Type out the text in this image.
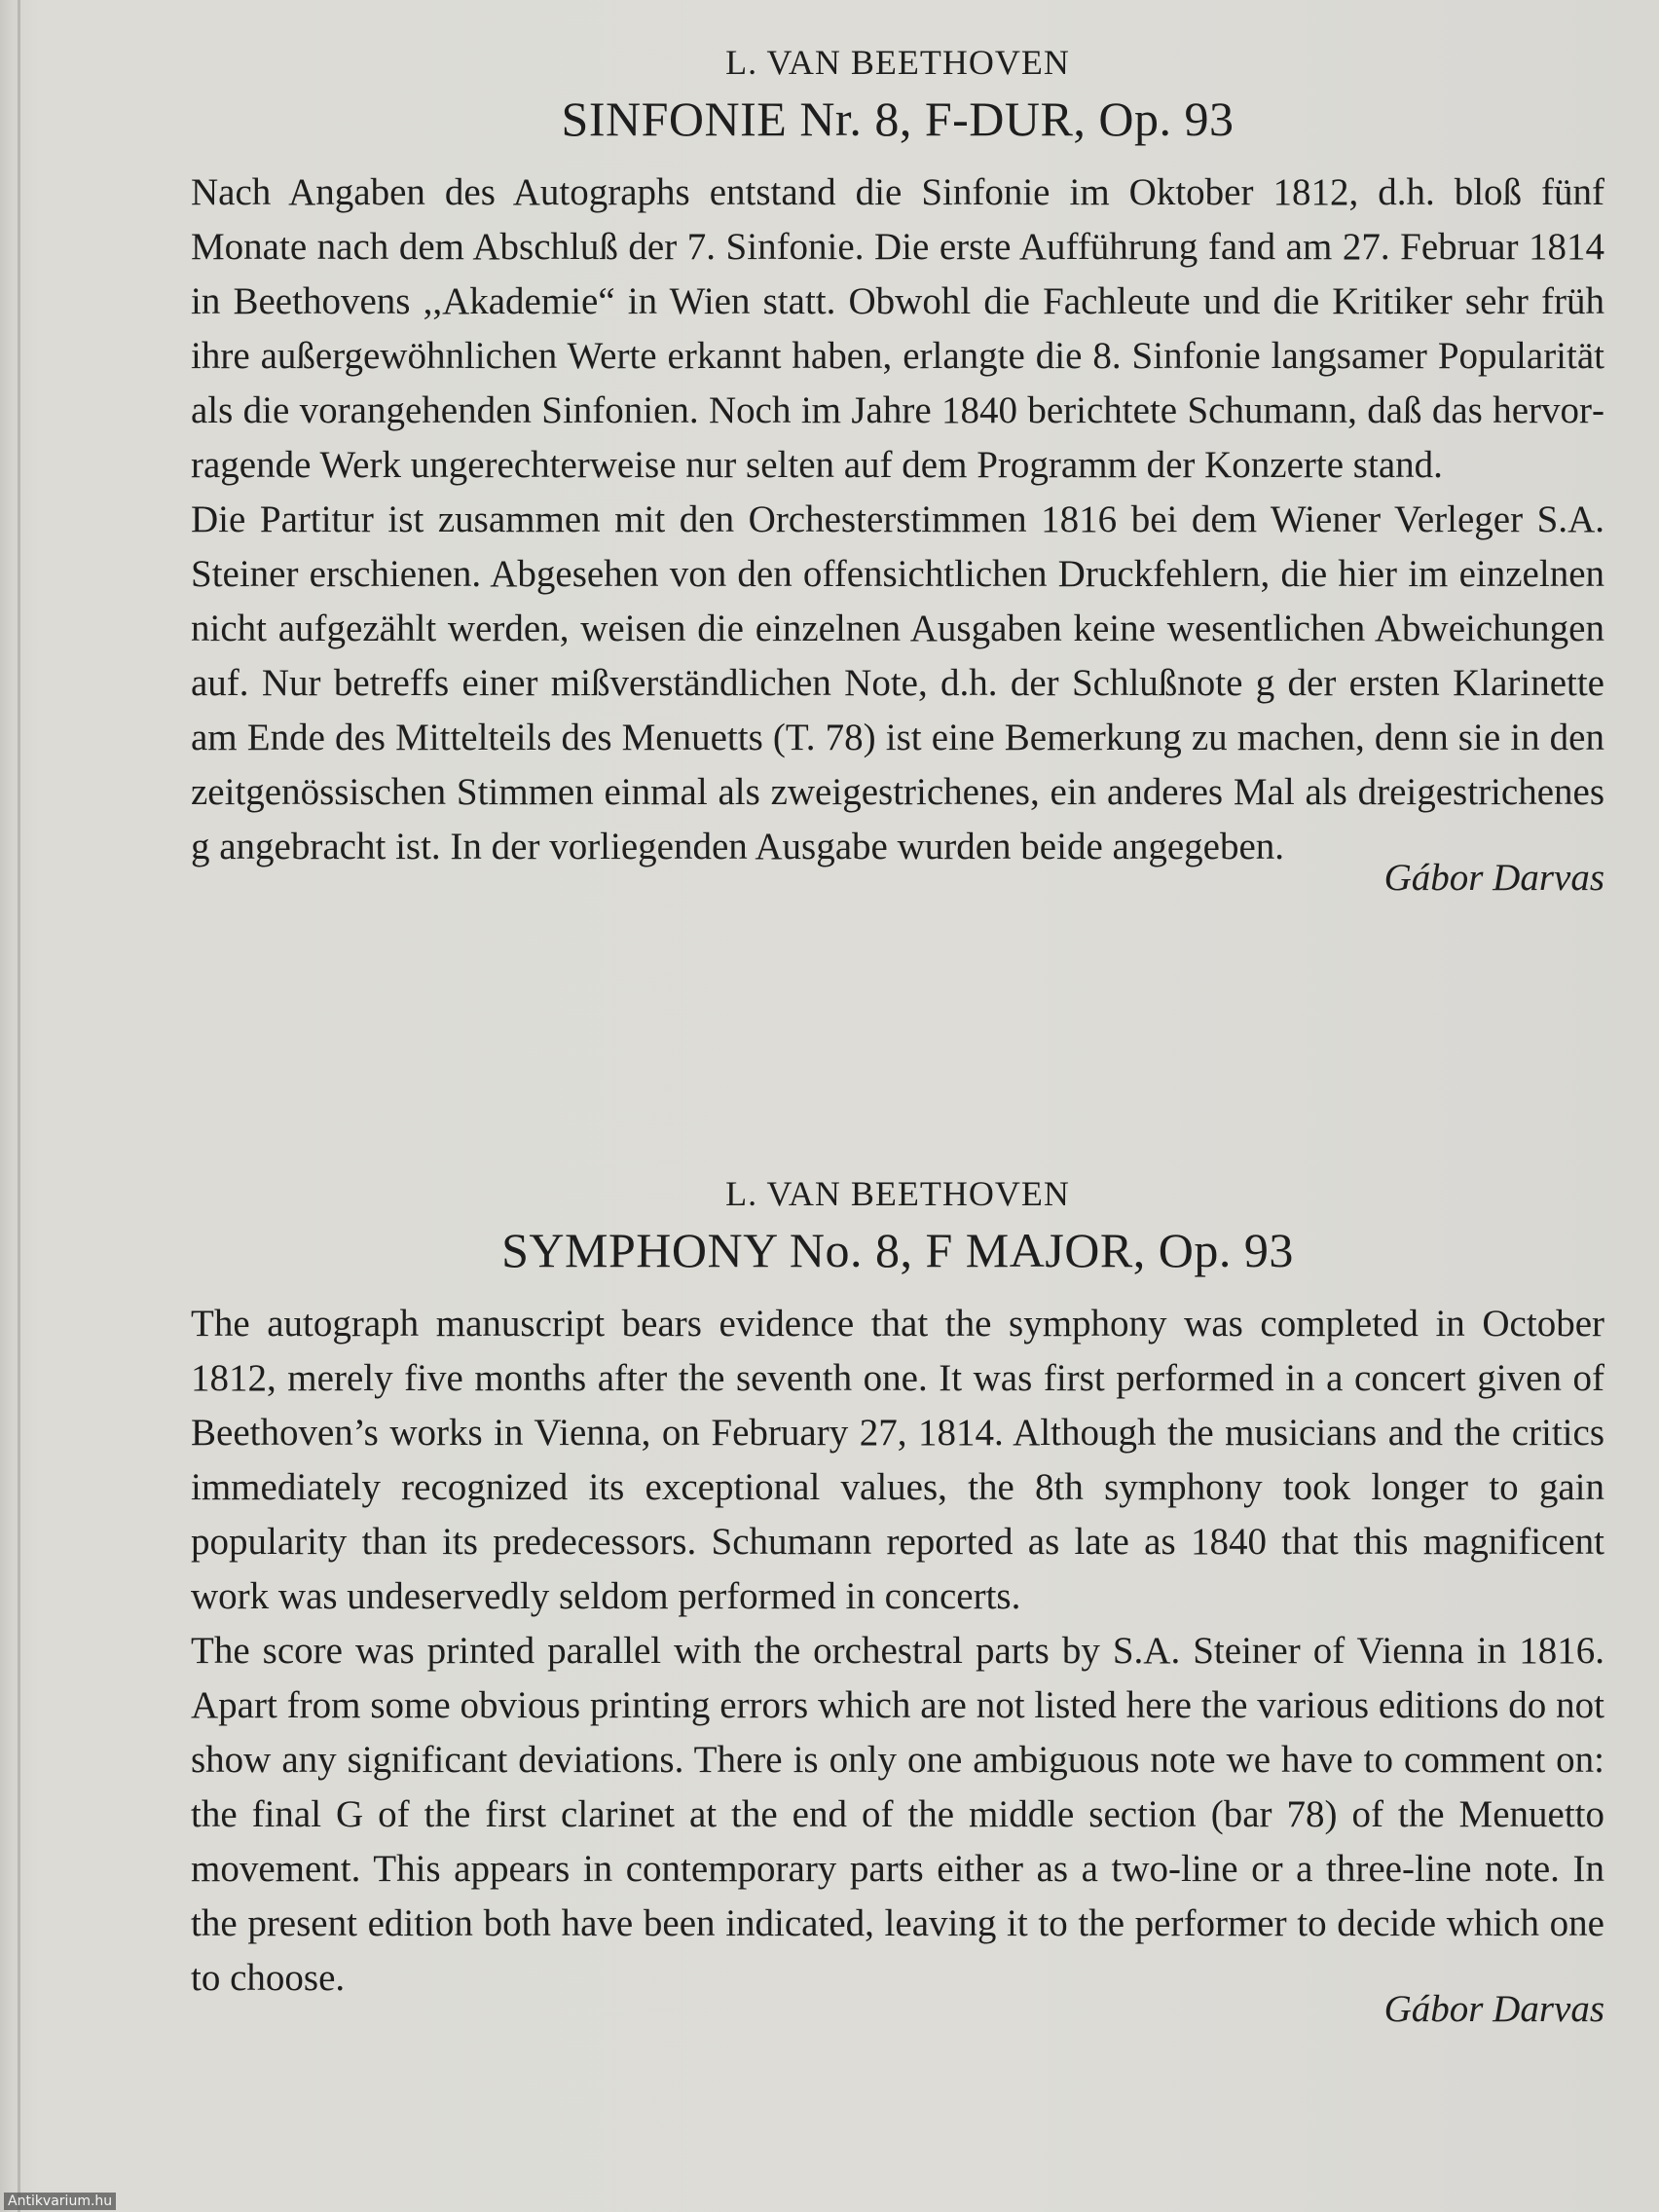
L. VAN BEETHOVEN

SINFONIE Nr. 8, F-DUR, Op. 93

Nach Angaben des Autographs entstand die Sinfonie im Oktober 1812, d.h. bloß fünf Monate nach dem Abschluß der 7. Sinfonie. Die erste Aufführung fand am 27. Februar 1814 in Beethovens ,,Akademie“ in Wien statt. Obwohl die Fachleute und die Kritiker sehr früh ihre außergewöhnlichen Werte erkannt haben, erlangte die 8. Sinfonie langsamer Popularität als die vorangehenden Sinfonien. Noch im Jahre 1840 berichtete Schumann, daß das hervorragende Werk ungerechterweise nur selten auf dem Programm der Konzerte stand.

Die Partitur ist zusammen mit den Orchesterstimmen 1816 bei dem Wiener Verleger S.A. Steiner erschienen. Abgesehen von den offensichtlichen Druckfehlern, die hier im einzelnen nicht aufgezählt werden, weisen die einzelnen Ausgaben keine wesentlichen Abweichungen auf. Nur betreffs einer mißverständlichen Note, d.h. der Schlußnote g der ersten Klarinette am Ende des Mittelteils des Menuetts (T. 78) ist eine Bemerkung zu machen, denn sie in den zeitgenössischen Stimmen einmal als zweigestrichenes, ein anderes Mal als dreigestrichenes g angebracht ist. In der vorliegenden Ausgabe wurden beide angegeben.

Gábor Darvas

L. VAN BEETHOVEN

SYMPHONY No. 8, F MAJOR, Op. 93

The autograph manuscript bears evidence that the symphony was completed in October 1812, merely five months after the seventh one. It was first performed in a concert given of Beethoven’s works in Vienna, on February 27, 1814. Although the musicians and the critics immediately recognized its exceptional values, the 8th symphony took longer to gain popularity than its predecessors. Schumann reported as late as 1840 that this magnificent work was undeservedly seldom performed in concerts.

The score was printed parallel with the orchestral parts by S.A. Steiner of Vienna in 1816. Apart from some obvious printing errors which are not listed here the various editions do not show any significant deviations. There is only one ambiguous note we have to comment on: the final G of the first clarinet at the end of the middle section (bar 78) of the Menuetto movement. This appears in contemporary parts either as a two-line or a three-line note. In the present edition both have been indicated, leaving it to the performer to decide which one to choose.

Gábor Darvas

Antikvarium.hu
